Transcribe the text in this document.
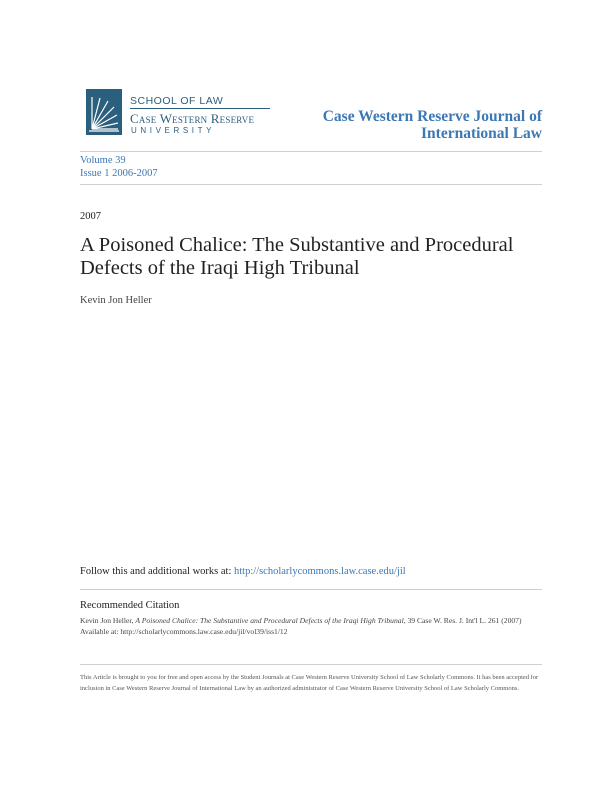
SCHOOL OF LAW
Case Western Reserve
UNIVERSITY
Case Western Reserve Journal of International Law
Volume 39
Issue 1 2006-2007
2007
A Poisoned Chalice: The Substantive and Procedural Defects of the Iraqi High Tribunal
Kevin Jon Heller
Follow this and additional works at: http://scholarlycommons.law.case.edu/jil
Recommended Citation
Kevin Jon Heller, A Poisoned Chalice: The Substantive and Procedural Defects of the Iraqi High Tribunal, 39 Case W. Res. J. Int'l L. 261 (2007)
Available at: http://scholarlycommons.law.case.edu/jil/vol39/iss1/12
This Article is brought to you for free and open access by the Student Journals at Case Western Reserve University School of Law Scholarly Commons. It has been accepted for inclusion in Case Western Reserve Journal of International Law by an authorized administrator of Case Western Reserve University School of Law Scholarly Commons.
